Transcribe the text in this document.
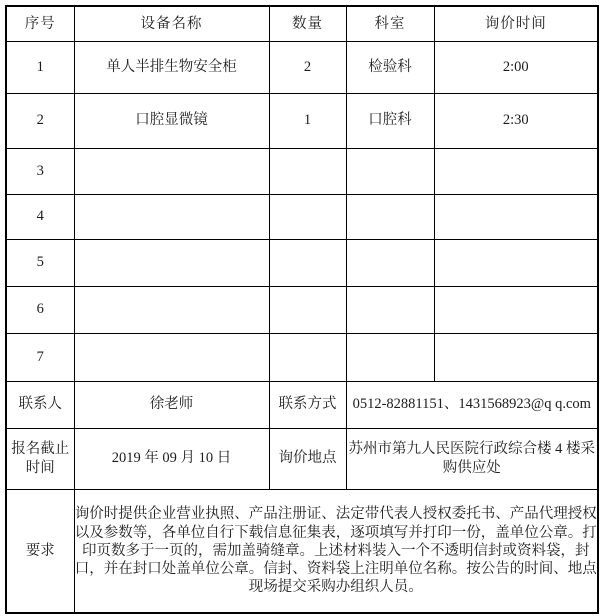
序号	设备名称	数量	科室	询价时间
1	单人半排生物安全柜	2	检验科	2:00
2	口腔显微镜	1	口腔科	2:30
3				
4				
5				
6				
7				
联系人	徐老师	联系方式	0512-82881151、1431568923@q q.com	
报名截止时间	2019 年 09 月 10 日	询价地点	苏州市第九人民医院行政综合楼 4 楼采购供应处	
要求	询价时提供企业营业执照、产品注册证、法定带代表人授权委托书、产品代理授权以及参数等，各单位自行下载信息征集表，逐项填写并打印一份，盖单位公章。打印页数多于一页的，需加盖骑缝章。上述材料装入一个不透明信封或资料袋，封口，并在封口处盖单位公章。信封、资料袋上注明单位名称。按公告的时间、地点现场提交采购办组织人员。			
